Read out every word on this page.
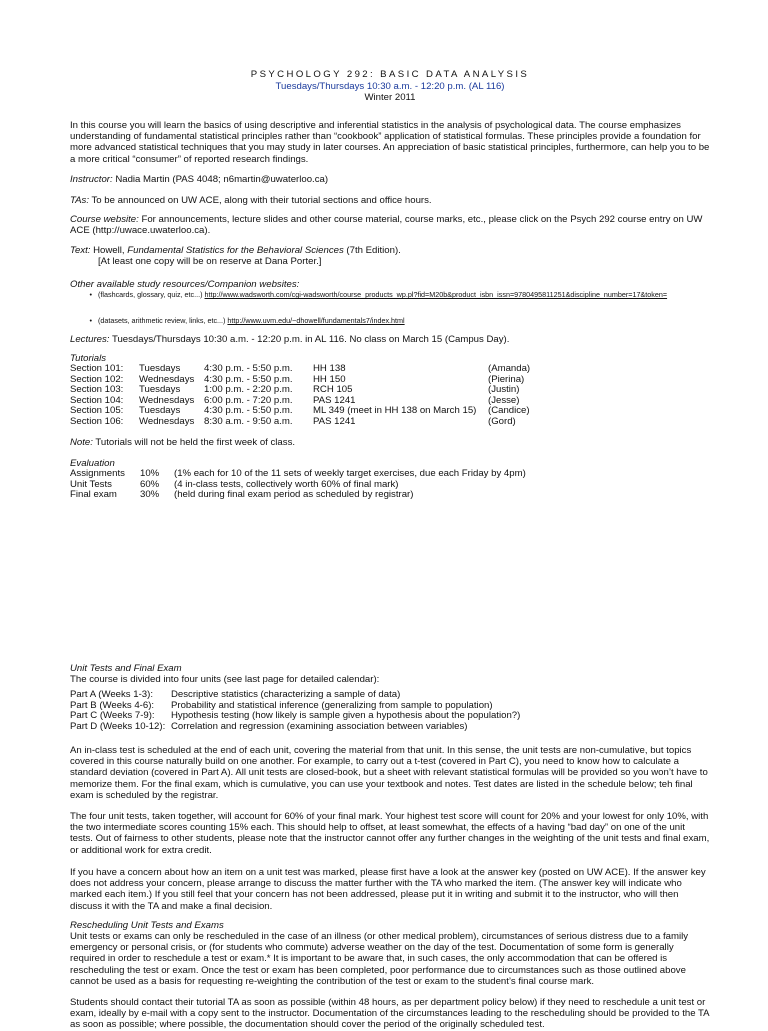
PSYCHOLOGY 292: BASIC DATA ANALYSIS
Tuesdays/Thursdays 10:30 a.m. - 12:20 p.m. (AL 116)
Winter 2011

In this course you will learn the basics of using descriptive and inferential statistics in the analysis of psychological data. The course emphasizes understanding of fundamental statistical principles rather than “cookbook” application of statistical formulas. These principles provide a foundation for more advanced statistical techniques that you may study in later courses. An appreciation of basic statistical principles, furthermore, can help you to be a more critical “consumer” of reported research findings.

Instructor: Nadia Martin (PAS 4048; n6martin@uwaterloo.ca)

TAs: To be announced on UW ACE, along with their tutorial sections and office hours.

Course website: For announcements, lecture slides and other course material, course marks, etc., please click on the Psych 292 course entry on UW ACE (http://uwace.uwaterloo.ca).

Text: Howell, Fundamental Statistics for the Behavioral Sciences (7th Edition).

[At least one copy will be on reserve at Dana Porter.]

Other available study resources/Companion websites:

• (flashcards, glossary, quiz, etc...) http://www.wadsworth.com/cgi-wadsworth/course_products_wp.pl?fid=M20b&product_isbn_issn=9780495811251&discipline_number=17&token=
• (datasets, arithmetic review, links, etc...) http://www.uvm.edu/~dhowell/fundamentals7/index.html

Lectures: Tuesdays/Thursdays 10:30 a.m. - 12:20 p.m. in AL 116. No class on March 15 (Campus Day).

Tutorials

Section 101:	Tuesdays	4:30 p.m. - 5:50 p.m.	HH 138	(Amanda)
Section 102:	Wednesdays	4:30 p.m. - 5:50 p.m.	HH 150	(Pierina)
Section 103:	Tuesdays	1:00 p.m. - 2:20 p.m.	RCH 105	(Justin)
Section 104:	Wednesdays	6:00 p.m. - 7:20 p.m.	PAS 1241	(Jesse)
Section 105:	Tuesdays	4:30 p.m. - 5:50 p.m.	ML 349 (meet in HH 138 on March 15)	(Candice)
Section 106:	Wednesdays	8:30 a.m. - 9:50 a.m.	PAS 1241	(Gord)

Note: Tutorials will not be held the first week of class.

Evaluation

Assignments	10%	(1% each for 10 of the 11 sets of weekly target exercises, due each Friday by 4pm)
Unit Tests	60%	(4 in-class tests, collectively worth 60% of final mark)
Final exam	30%	(held during final exam period as scheduled by registrar)

Unit Tests and Final Exam

The course is divided into four units (see last page for detailed calendar):

Part A (Weeks 1-3):	Descriptive statistics (characterizing a sample of data)
Part B (Weeks 4-6):	Probability and statistical inference (generalizing from sample to population)
Part C (Weeks 7-9):	Hypothesis testing (how likely is sample given a hypothesis about the population?)
Part D (Weeks 10-12):	Correlation and regression (examining association between variables)

An in-class test is scheduled at the end of each unit, covering the material from that unit. In this sense, the unit tests are non-cumulative, but topics covered in this course naturally build on one another. For example, to carry out a t-test (covered in Part C), you need to know how to calculate a standard deviation (covered in Part A). All unit tests are closed-book, but a sheet with relevant statistical formulas will be provided so you won’t have to memorize them. For the final exam, which is cumulative, you can use your textbook and notes. Test dates are listed in the schedule below; teh final exam is scheduled by the registrar.

The four unit tests, taken together, will account for 60% of your final mark. Your highest test score will count for 20% and your lowest for only 10%, with the two intermediate scores counting 15% each. This should help to offset, at least somewhat, the effects of a having “bad day” on one of the unit tests. Out of fairness to other students, please note that the instructor cannot offer any further changes in the weighting of the unit tests and final exam, or additional work for extra credit.

If you have a concern about how an item on a unit test was marked, please first have a look at the answer key (posted on UW ACE). If the answer key does not address your concern, please arrange to discuss the matter further with the TA who marked the item. (The answer key will indicate who marked each item.) If you still feel that your concern has not been addressed, please put it in writing and submit it to the instructor, who will then discuss it with the TA and make a final decision.

Rescheduling Unit Tests and Exams

Unit tests or exams can only be rescheduled in the case of an illness (or other medical problem), circumstances of serious distress due to a family emergency or personal crisis, or (for students who commute) adverse weather on the day of the test. Documentation of some form is generally required in order to reschedule a test or exam.* It is important to be aware that, in such cases, the only accommodation that can be offered is rescheduling the test or exam. Once the test or exam has been completed, poor performance due to circumstances such as those outlined above cannot be used as a basis for requesting re-weighting the contribution of the test or exam to the student’s final course mark.

Students should contact their tutorial TA as soon as possible (within 48 hours, as per department policy below) if they need to reschedule a unit test or exam, ideally by e-mail with a copy sent to the instructor. Documentation of the circumstances leading to the rescheduling should be provided to the TA as soon as possible; where possible, the documentation should cover the period of the originally scheduled test.
